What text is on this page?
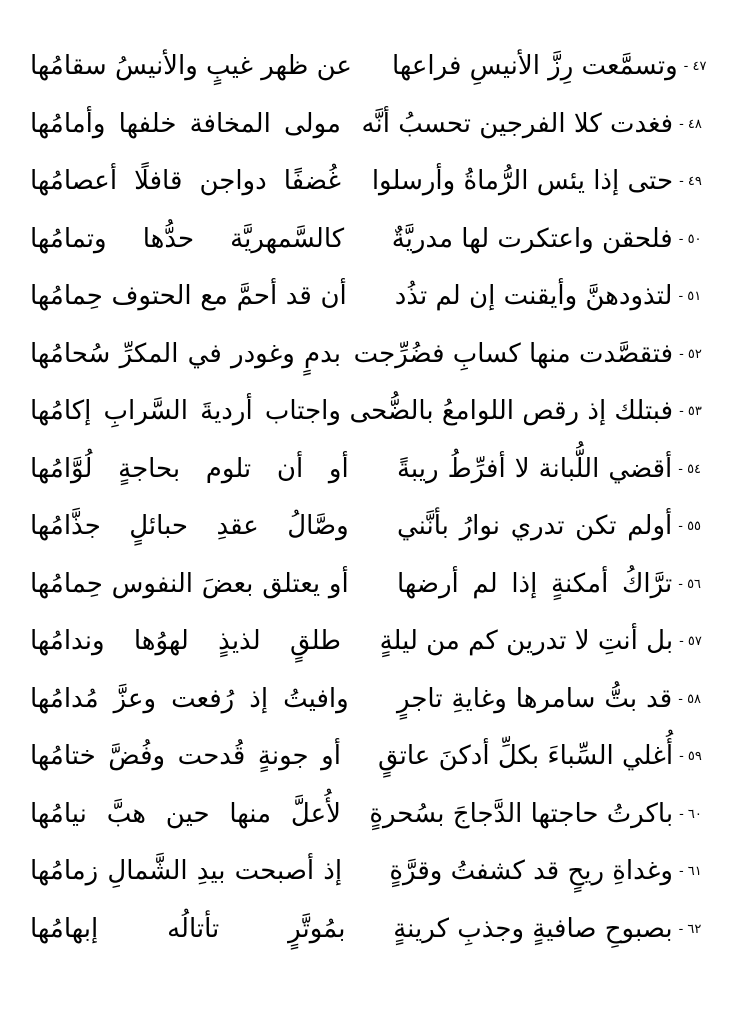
عن ظهر غيبٍ والأنيسُ سقامُها وتسمَّعت رِزَّ الأنيسِ فراعها ٤٧ -
مولى المخافة خلفها وأمامُها فغدت كلا الفرجين تحسبُ أنَّه ٤٨ -
غُضفًا دواجن قافلًا أعصامُها حتى إذا يئس الرُّماةُ وأرسلوا ٤٩ -
كالسَّمهريَّة حدُّها وتمامُها فلحقن واعتكرت لها مدريَّةٌ ٥٠ -
أن قد أحمَّ مع الحتوف حِمامُها لتذودهنَّ وأيقنت إن لم تذُد ٥١ -
بدمٍ وغودر في المكرِّ سُحامُها فتقصَّدت منها كسابِ فضُرِّجت ٥٢ -
واجتاب أرديةَ السَّرابِ إكامُها فبتلك إذ رقص اللوامعُ بالضُّحى ٥٣ -
أو أن تلوم بحاجةٍ لُوَّامُها أقضي اللُّبانة لا أفرِّطُ ريبةً ٥٤ -
وصَّالُ عقدِ حبائلٍ جذَّامُها أولم تكن تدري نوارُ بأنَّني ٥٥ -
أو يعتلق بعضَ النفوس حِمامُها ترَّاكُ أمكنةٍ إذا لم أرضها ٥٦ -
طلقٍ لذيذٍ لهوُها وندامُها بل أنتِ لا تدرين كم من ليلةٍ ٥٧ -
وافيتُ إذ رُفعت وعزَّ مُدامُها قد بتُّ سامرها وغايةِ تاجرٍ ٥٨ -
أو جونةٍ قُدحت وفُضَّ ختامُها أُغلي السِّباءَ بكلِّ أدكنَ عاتقٍ ٥٩ -
لأُعلَّ منها حين هبَّ نيامُها باكرتُ حاجتها الدَّجاجَ بسُحرةٍ ٦٠ -
إذ أصبحت بيدِ الشَّمالِ زمامُها وغداةِ ريحٍ قد كشفتُ وقرَّةٍ ٦١ -
بمُوتَّرٍ تأتالُه إبهامُها بصبوحِ صافيةٍ وجذبِ كرينةٍ ٦٢ -
